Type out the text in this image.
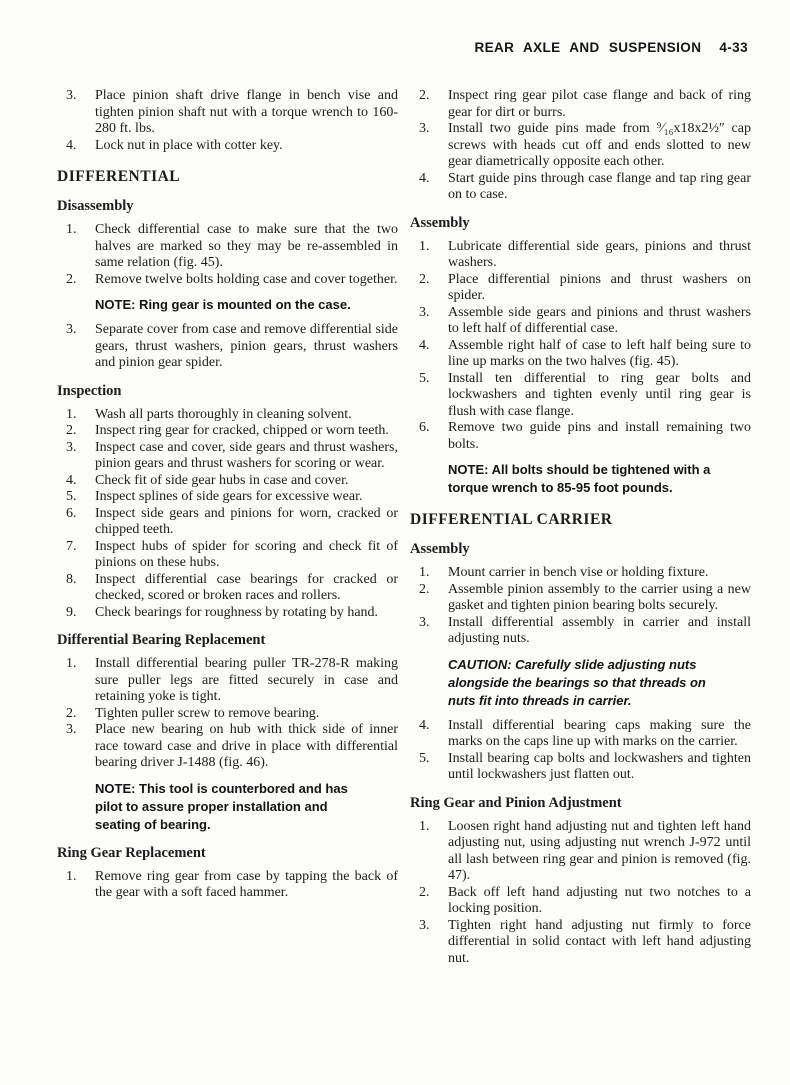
REAR AXLE AND SUSPENSION 4-33
3.	Place pinion shaft drive flange in bench vise and tighten pinion shaft nut with a torque wrench to 160-280 ft. lbs.
4.	Lock nut in place with cotter key.
DIFFERENTIAL
Disassembly
1.	Check differential case to make sure that the two halves are marked so they may be re-assembled in same relation (fig. 45).
2.	Remove twelve bolts holding case and cover together.
NOTE: Ring gear is mounted on the case.
3.	Separate cover from case and remove differential side gears, thrust washers, pinion gears, thrust washers and pinion gear spider.
Inspection
1.	Wash all parts thoroughly in cleaning solvent.
2.	Inspect ring gear for cracked, chipped or worn teeth.
3.	Inspect case and cover, side gears and thrust washers, pinion gears and thrust washers for scoring or wear.
4.	Check fit of side gear hubs in case and cover.
5.	Inspect splines of side gears for excessive wear.
6.	Inspect side gears and pinions for worn, cracked or chipped teeth.
7.	Inspect hubs of spider for scoring and check fit of pinions on these hubs.
8.	Inspect differential case bearings for cracked or checked, scored or broken races and rollers.
9.	Check bearings for roughness by rotating by hand.
Differential Bearing Replacement
1.	Install differential bearing puller TR-278-R making sure puller legs are fitted securely in case and retaining yoke is tight.
2.	Tighten puller screw to remove bearing.
3.	Place new bearing on hub with thick side of inner race toward case and drive in place with differential bearing driver J-1488 (fig. 46).
NOTE: This tool is counterbored and has pilot to assure proper installation and seating of bearing.
Ring Gear Replacement
1.	Remove ring gear from case by tapping the back of the gear with a soft faced hammer.
2.	Inspect ring gear pilot case flange and back of ring gear for dirt or burrs.
3.	Install two guide pins made from ⁹⁄₁₆x18x2½″ cap screws with heads cut off and ends slotted to new gear diametrically opposite each other.
4.	Start guide pins through case flange and tap ring gear on to case.
Assembly
1.	Lubricate differential side gears, pinions and thrust washers.
2.	Place differential pinions and thrust washers on spider.
3.	Assemble side gears and pinions and thrust washers to left half of differential case.
4.	Assemble right half of case to left half being sure to line up marks on the two halves (fig. 45).
5.	Install ten differential to ring gear bolts and lockwashers and tighten evenly until ring gear is flush with case flange.
6.	Remove two guide pins and install remaining two bolts.
NOTE: All bolts should be tightened with a torque wrench to 85-95 foot pounds.
DIFFERENTIAL CARRIER
Assembly
1.	Mount carrier in bench vise or holding fixture.
2.	Assemble pinion assembly to the carrier using a new gasket and tighten pinion bearing bolts securely.
3.	Install differential assembly in carrier and install adjusting nuts.
CAUTION: Carefully slide adjusting nuts alongside the bearings so that threads on nuts fit into threads in carrier.
4.	Install differential bearing caps making sure the marks on the caps line up with marks on the carrier.
5.	Install bearing cap bolts and lockwashers and tighten until lockwashers just flatten out.
Ring Gear and Pinion Adjustment
1.	Loosen right hand adjusting nut and tighten left hand adjusting nut, using adjusting nut wrench J-972 until all lash between ring gear and pinion is removed (fig. 47).
2.	Back off left hand adjusting nut two notches to a locking position.
3.	Tighten right hand adjusting nut firmly to force differential in solid contact with left hand adjusting nut.
